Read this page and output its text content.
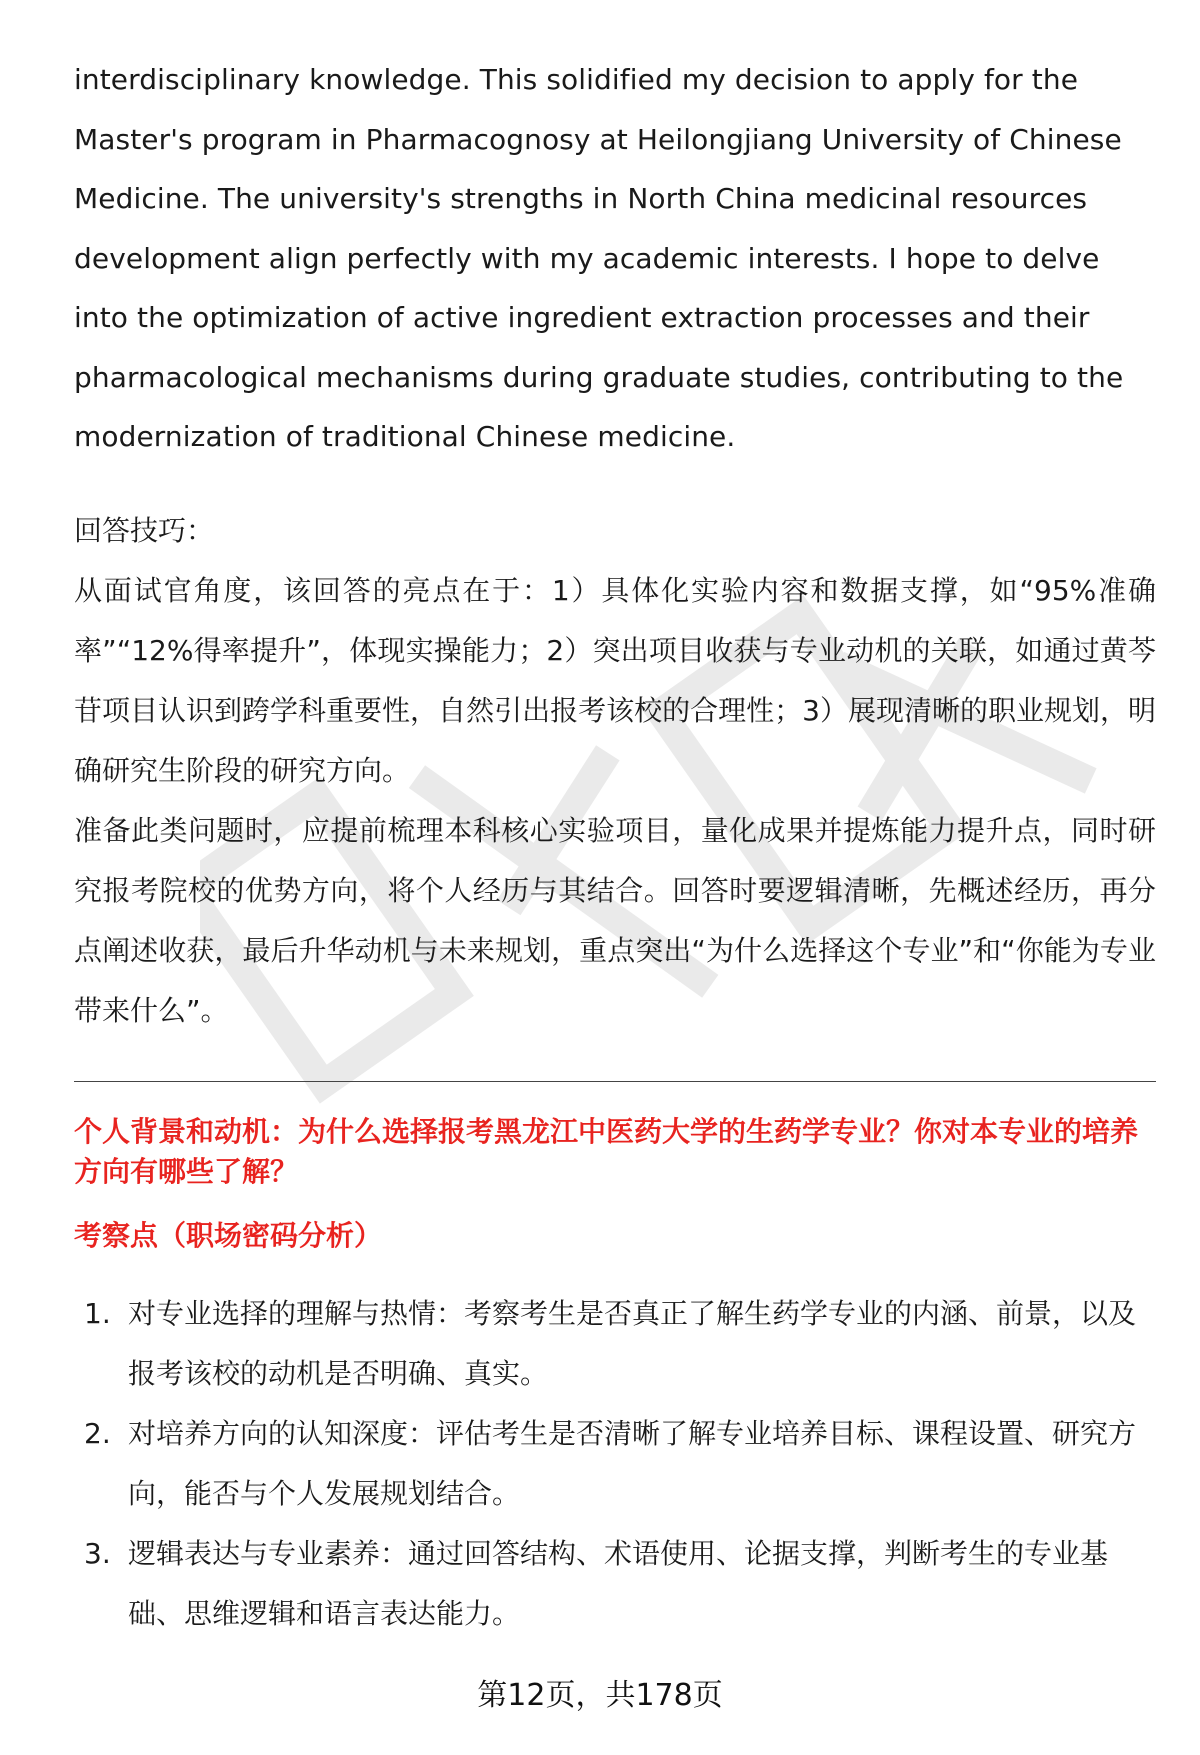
interdisciplinary knowledge. This solidified my decision to apply for the Master's program in Pharmacognosy at Heilongjiang University of Chinese Medicine. The university's strengths in North China medicinal resources development align perfectly with my academic interests. I hope to delve into the optimization of active ingredient extraction processes and their pharmacological mechanisms during graduate studies, contributing to the modernization of traditional Chinese medicine.

回答技巧：

从面试官角度，该回答的亮点在于：1）具体化实验内容和数据支撑，如“95%准确率”“12%得率提升”，体现实操能力；2）突出项目收获与专业动机的关联，如通过黄芩苷项目认识到跨学科重要性，自然引出报考该校的合理性；3）展现清晰的职业规划，明确研究生阶段的研究方向。

准备此类问题时，应提前梳理本科核心实验项目，量化成果并提炼能力提升点，同时研究报考院校的优势方向，将个人经历与其结合。回答时要逻辑清晰，先概述经历，再分点阐述收获，最后升华动机与未来规划，重点突出“为什么选择这个专业”和“你能为专业带来什么”。

个人背景和动机：为什么选择报考黑龙江中医药大学的生药学专业？你对本专业的培养方向有哪些了解？

考察点（职场密码分析）

1. 对专业选择的理解与热情：考察考生是否真正了解生药学专业的内涵、前景，以及报考该校的动机是否明确、真实。
2. 对培养方向的认知深度：评估考生是否清晰了解专业培养目标、课程设置、研究方向，能否与个人发展规划结合。
3. 逻辑表达与专业素养：通过回答结构、术语使用、论据支撑，判断考生的专业基础、思维逻辑和语言表达能力。
第12页，共178页
